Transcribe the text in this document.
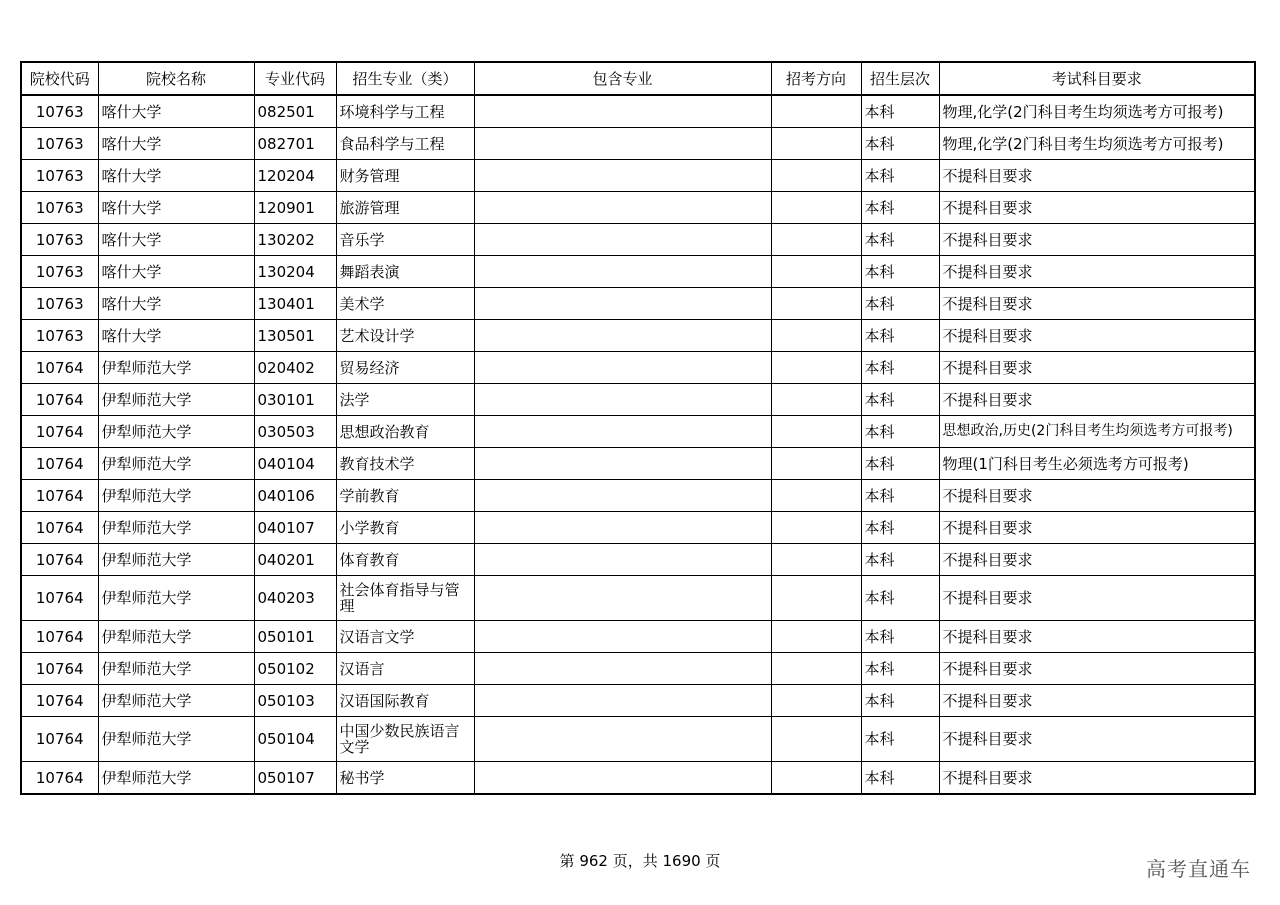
院校代码	院校名称	专业代码	招生专业（类）	包含专业	招考方向	招生层次	考试科目要求
10763	喀什大学	082501	环境科学与工程			本科	物理,化学(2门科目考生均须选考方可报考)
10763	喀什大学	082701	食品科学与工程			本科	物理,化学(2门科目考生均须选考方可报考)
10763	喀什大学	120204	财务管理			本科	不提科目要求
10763	喀什大学	120901	旅游管理			本科	不提科目要求
10763	喀什大学	130202	音乐学			本科	不提科目要求
10763	喀什大学	130204	舞蹈表演			本科	不提科目要求
10763	喀什大学	130401	美术学			本科	不提科目要求
10763	喀什大学	130501	艺术设计学			本科	不提科目要求
10764	伊犁师范大学	020402	贸易经济			本科	不提科目要求
10764	伊犁师范大学	030101	法学			本科	不提科目要求
10764	伊犁师范大学	030503	思想政治教育			本科	思想政治,历史(2门科目考生均须选考方可报考)
10764	伊犁师范大学	040104	教育技术学			本科	物理(1门科目考生必须选考方可报考)
10764	伊犁师范大学	040106	学前教育			本科	不提科目要求
10764	伊犁师范大学	040107	小学教育			本科	不提科目要求
10764	伊犁师范大学	040201	体育教育			本科	不提科目要求
10764	伊犁师范大学	040203	社会体育指导与管理			本科	不提科目要求
10764	伊犁师范大学	050101	汉语言文学			本科	不提科目要求
10764	伊犁师范大学	050102	汉语言			本科	不提科目要求
10764	伊犁师范大学	050103	汉语国际教育			本科	不提科目要求
10764	伊犁师范大学	050104	中国少数民族语言文学			本科	不提科目要求
10764	伊犁师范大学	050107	秘书学			本科	不提科目要求
第 962 页，共 1690 页	高考直通车
